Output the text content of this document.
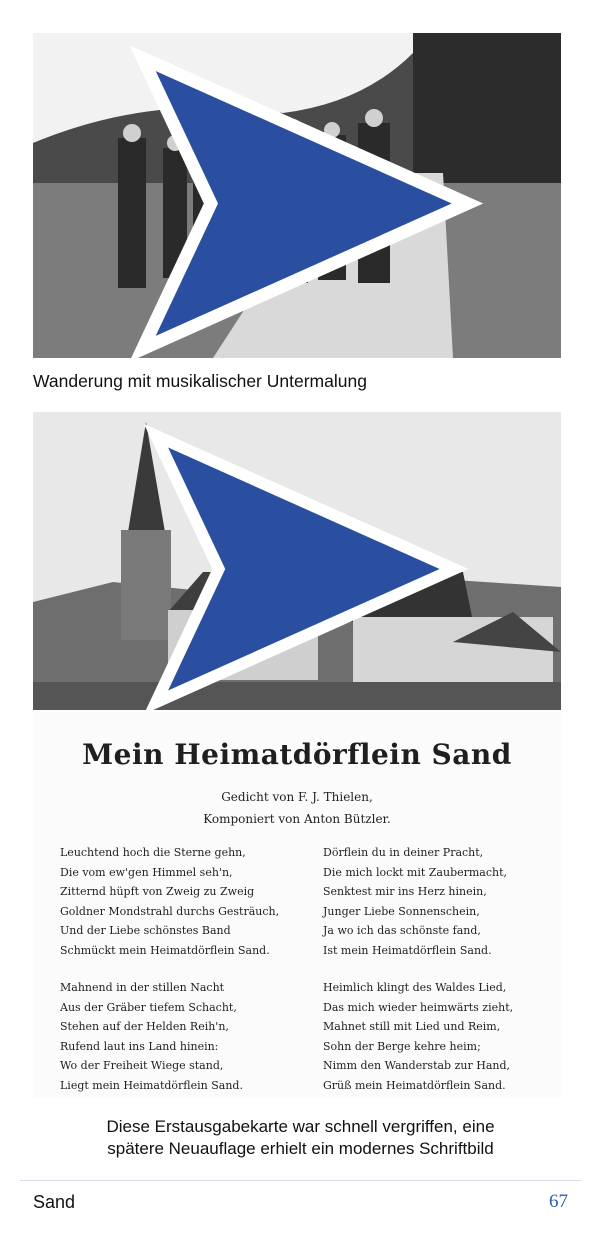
Wanderung mit musikalischer Untermalung
Mein Heimatdörflein Sand
Gedicht von F. J. Thielen,
Komponiert von Anton Bützler.
Leuchtend hoch die Sterne gehn,
Die vom ew'gen Himmel seh'n,
Zitternd hüpft von Zweig zu Zweig
Goldner Mondstrahl durchs Gesträuch,
Und der Liebe schönstes Band
Schmückt mein Heimatdörflein Sand.
Mahnend in der stillen Nacht
Aus der Gräber tiefem Schacht,
Stehen auf der Helden Reih'n,
Rufend laut ins Land hinein:
Wo der Freiheit Wiege stand,
Liegt mein Heimatdörflein Sand.
Dörflein du in deiner Pracht,
Die mich lockt mit Zaubermacht,
Senktest mir ins Herz hinein,
Junger Liebe Sonnenschein,
Ja wo ich das schönste fand,
Ist mein Heimatdörflein Sand.
Heimlich klingt des Waldes Lied,
Das mich wieder heimwärts zieht,
Mahnet still mit Lied und Reim,
Sohn der Berge kehre heim;
Nimm den Wanderstab zur Hand,
Grüß mein Heimatdörflein Sand.
Diese Erstausgabekarte war schnell vergriffen, eine
spätere Neuauflage erhielt ein modernes Schriftbild
Sand	67
